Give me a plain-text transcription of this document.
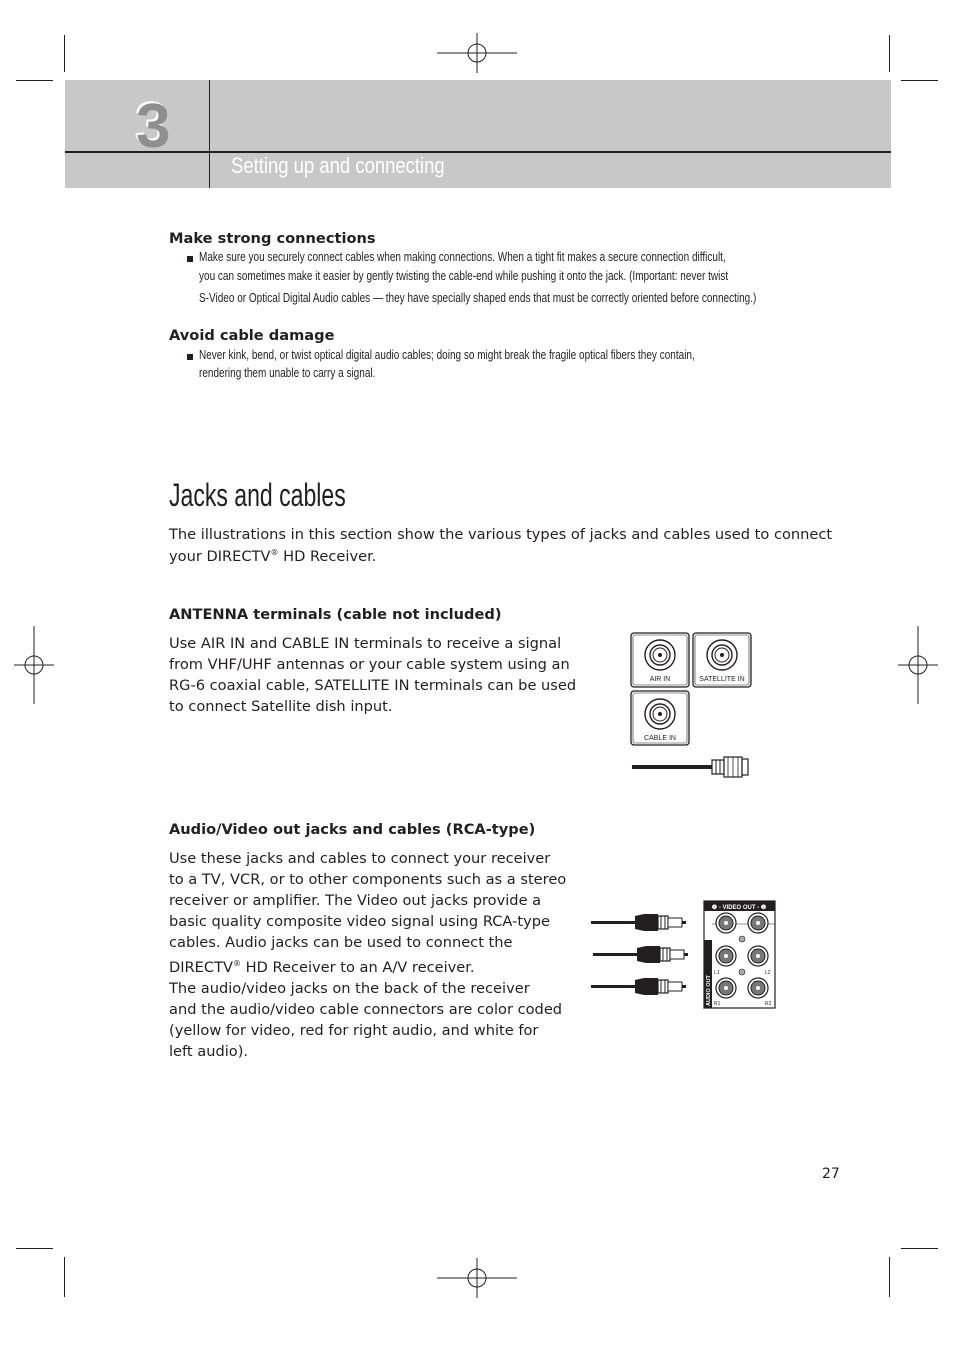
3
Setting up and connecting
Make strong connections
Make sure you securely connect cables when making connections. When a tight fit makes a secure connection difficult,
you can sometimes make it easier by gently twisting the cable-end while pushing it onto the jack. (Important: never twist
S-Video or Optical Digital Audio cables — they have specially shaped ends that must be correctly oriented before connecting.)
Avoid cable damage
Never kink, bend, or twist optical digital audio cables; doing so might break the fragile optical fibers they contain,
rendering them unable to carry a signal.
Jacks and cables
The illustrations in this section show the various types of jacks and cables used to connect
your DIRECTV® HD Receiver.
ANTENNA terminals (cable not included)
Use AIR IN and CABLE IN terminals to receive a signal
from VHF/UHF antennas or your cable system using an
RG-6 coaxial cable, SATELLITE IN terminals can be used
to connect Satellite dish input.
AIR IN	SATELLITE IN
CABLE IN
Audio/Video out jacks and cables (RCA-type)
Use these jacks and cables to connect your receiver
to a TV, VCR, or to other components such as a stereo
receiver or amplifier. The Video out jacks provide a
basic quality composite video signal using RCA-type
cables. Audio jacks can be used to connect the
DIRECTV® HD Receiver to an A/V receiver.
The audio/video jacks on the back of the receiver
and the audio/video cable connectors are color coded
(yellow for video, red for right audio, and white for
left audio).
❶ - VIDEO OUT - ❷
AUDIO OUT
L1	L2
R1	R2
27
